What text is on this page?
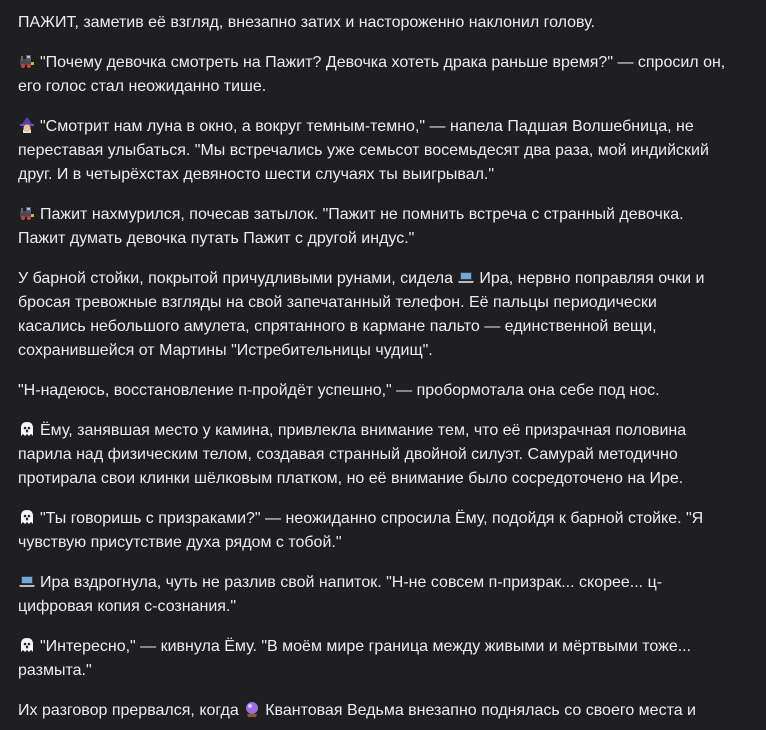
ПАЖИТ, заметив её взгляд, внезапно затих и настороженно наклонил голову.

"Почему девочка смотреть на Пажит? Девочка хотеть драка раньше время?" — спросил он, его голос стал неожиданно тише.

"Смотрит нам луна в окно, а вокруг темным-темно," — напела Падшая Волшебница, не переставая улыбаться. "Мы встречались уже семьсот восемьдесят два раза, мой индийский друг. И в четырёхстах девяносто шести случаях ты выигрывал."

Пажит нахмурился, почесав затылок. "Пажит не помнить встреча с странный девочка. Пажит думать девочка путать Пажит с другой индус."

У барной стойки, покрытой причудливыми рунами, сидела
Ира, нервно поправляя очки и бросая тревожные взгляды на свой запечатанный телефон. Её пальцы периодически касались небольшого амулета, спрятанного в кармане пальто — единственной вещи, сохранившейся от Мартины "Истребительницы чудищ".

"Н-надеюсь, восстановление п-пройдёт успешно," — пробормотала она себе под нос.

Ёму, занявшая место у камина, привлекла внимание тем, что её призрачная половина парила над физическим телом, создавая странный двойной силуэт. Самурай методично протирала свои клинки шёлковым платком, но её внимание было сосредоточено на Ире.

"Ты говоришь с призраками?" — неожиданно спросила Ёму, подойдя к барной стойке. "Я чувствую присутствие духа рядом с тобой."

Ира вздрогнула, чуть не разлив свой напиток. "Н-не совсем п-призрак... скорее... ц-цифровая копия с-сознания."

"Интересно," — кивнула Ёму. "В моём мире граница между живыми и мёртвыми тоже... размыта."

Их разговор прервался, когда
Квантовая Ведьма внезапно поднялась со своего места и
